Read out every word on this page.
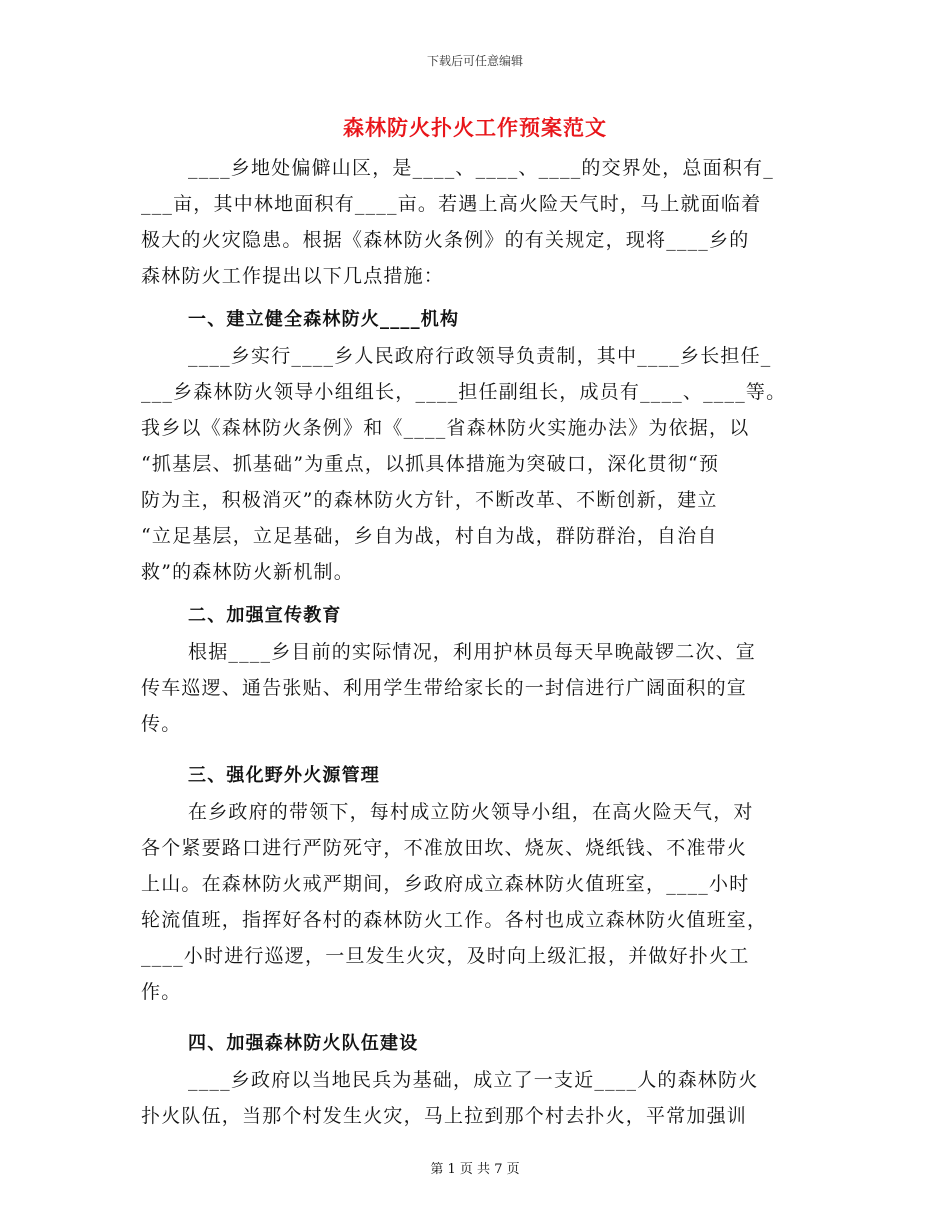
下载后可任意编辑
森林防火扑火工作预案范文
____乡地处偏僻山区，是____、____、____的交界处，总面积有_
___亩，其中林地面积有____亩。若遇上高火险天气时，马上就面临着
极大的火灾隐患。根据《森林防火条例》的有关规定，现将____乡的
森林防火工作提出以下几点措施：
一、建立健全森林防火____机构
____乡实行____乡人民政府行政领导负责制，其中____乡长担任_
___乡森林防火领导小组组长，____担任副组长，成员有____、____等。
我乡以《森林防火条例》和《____省森林防火实施办法》为依据，以
“抓基层、抓基础”为重点，以抓具体措施为突破口，深化贯彻“预
防为主，积极消灭”的森林防火方针，不断改革、不断创新，建立
“立足基层，立足基础，乡自为战，村自为战，群防群治，自治自
救”的森林防火新机制。
二、加强宣传教育
根据____乡目前的实际情况，利用护林员每天早晚敲锣二次、宣
传车巡逻、通告张贴、利用学生带给家长的一封信进行广阔面积的宣
传。
三、强化野外火源管理
在乡政府的带领下，每村成立防火领导小组，在高火险天气，对
各个紧要路口进行严防死守，不准放田坎、烧灰、烧纸钱、不准带火
上山。在森林防火戒严期间，乡政府成立森林防火值班室，____小时
轮流值班，指挥好各村的森林防火工作。各村也成立森林防火值班室，
____小时进行巡逻，一旦发生火灾，及时向上级汇报，并做好扑火工
作。
四、加强森林防火队伍建设
____乡政府以当地民兵为基础，成立了一支近____人的森林防火
扑火队伍，当那个村发生火灾，马上拉到那个村去扑火，平常加强训
第 1 页 共 7 页
